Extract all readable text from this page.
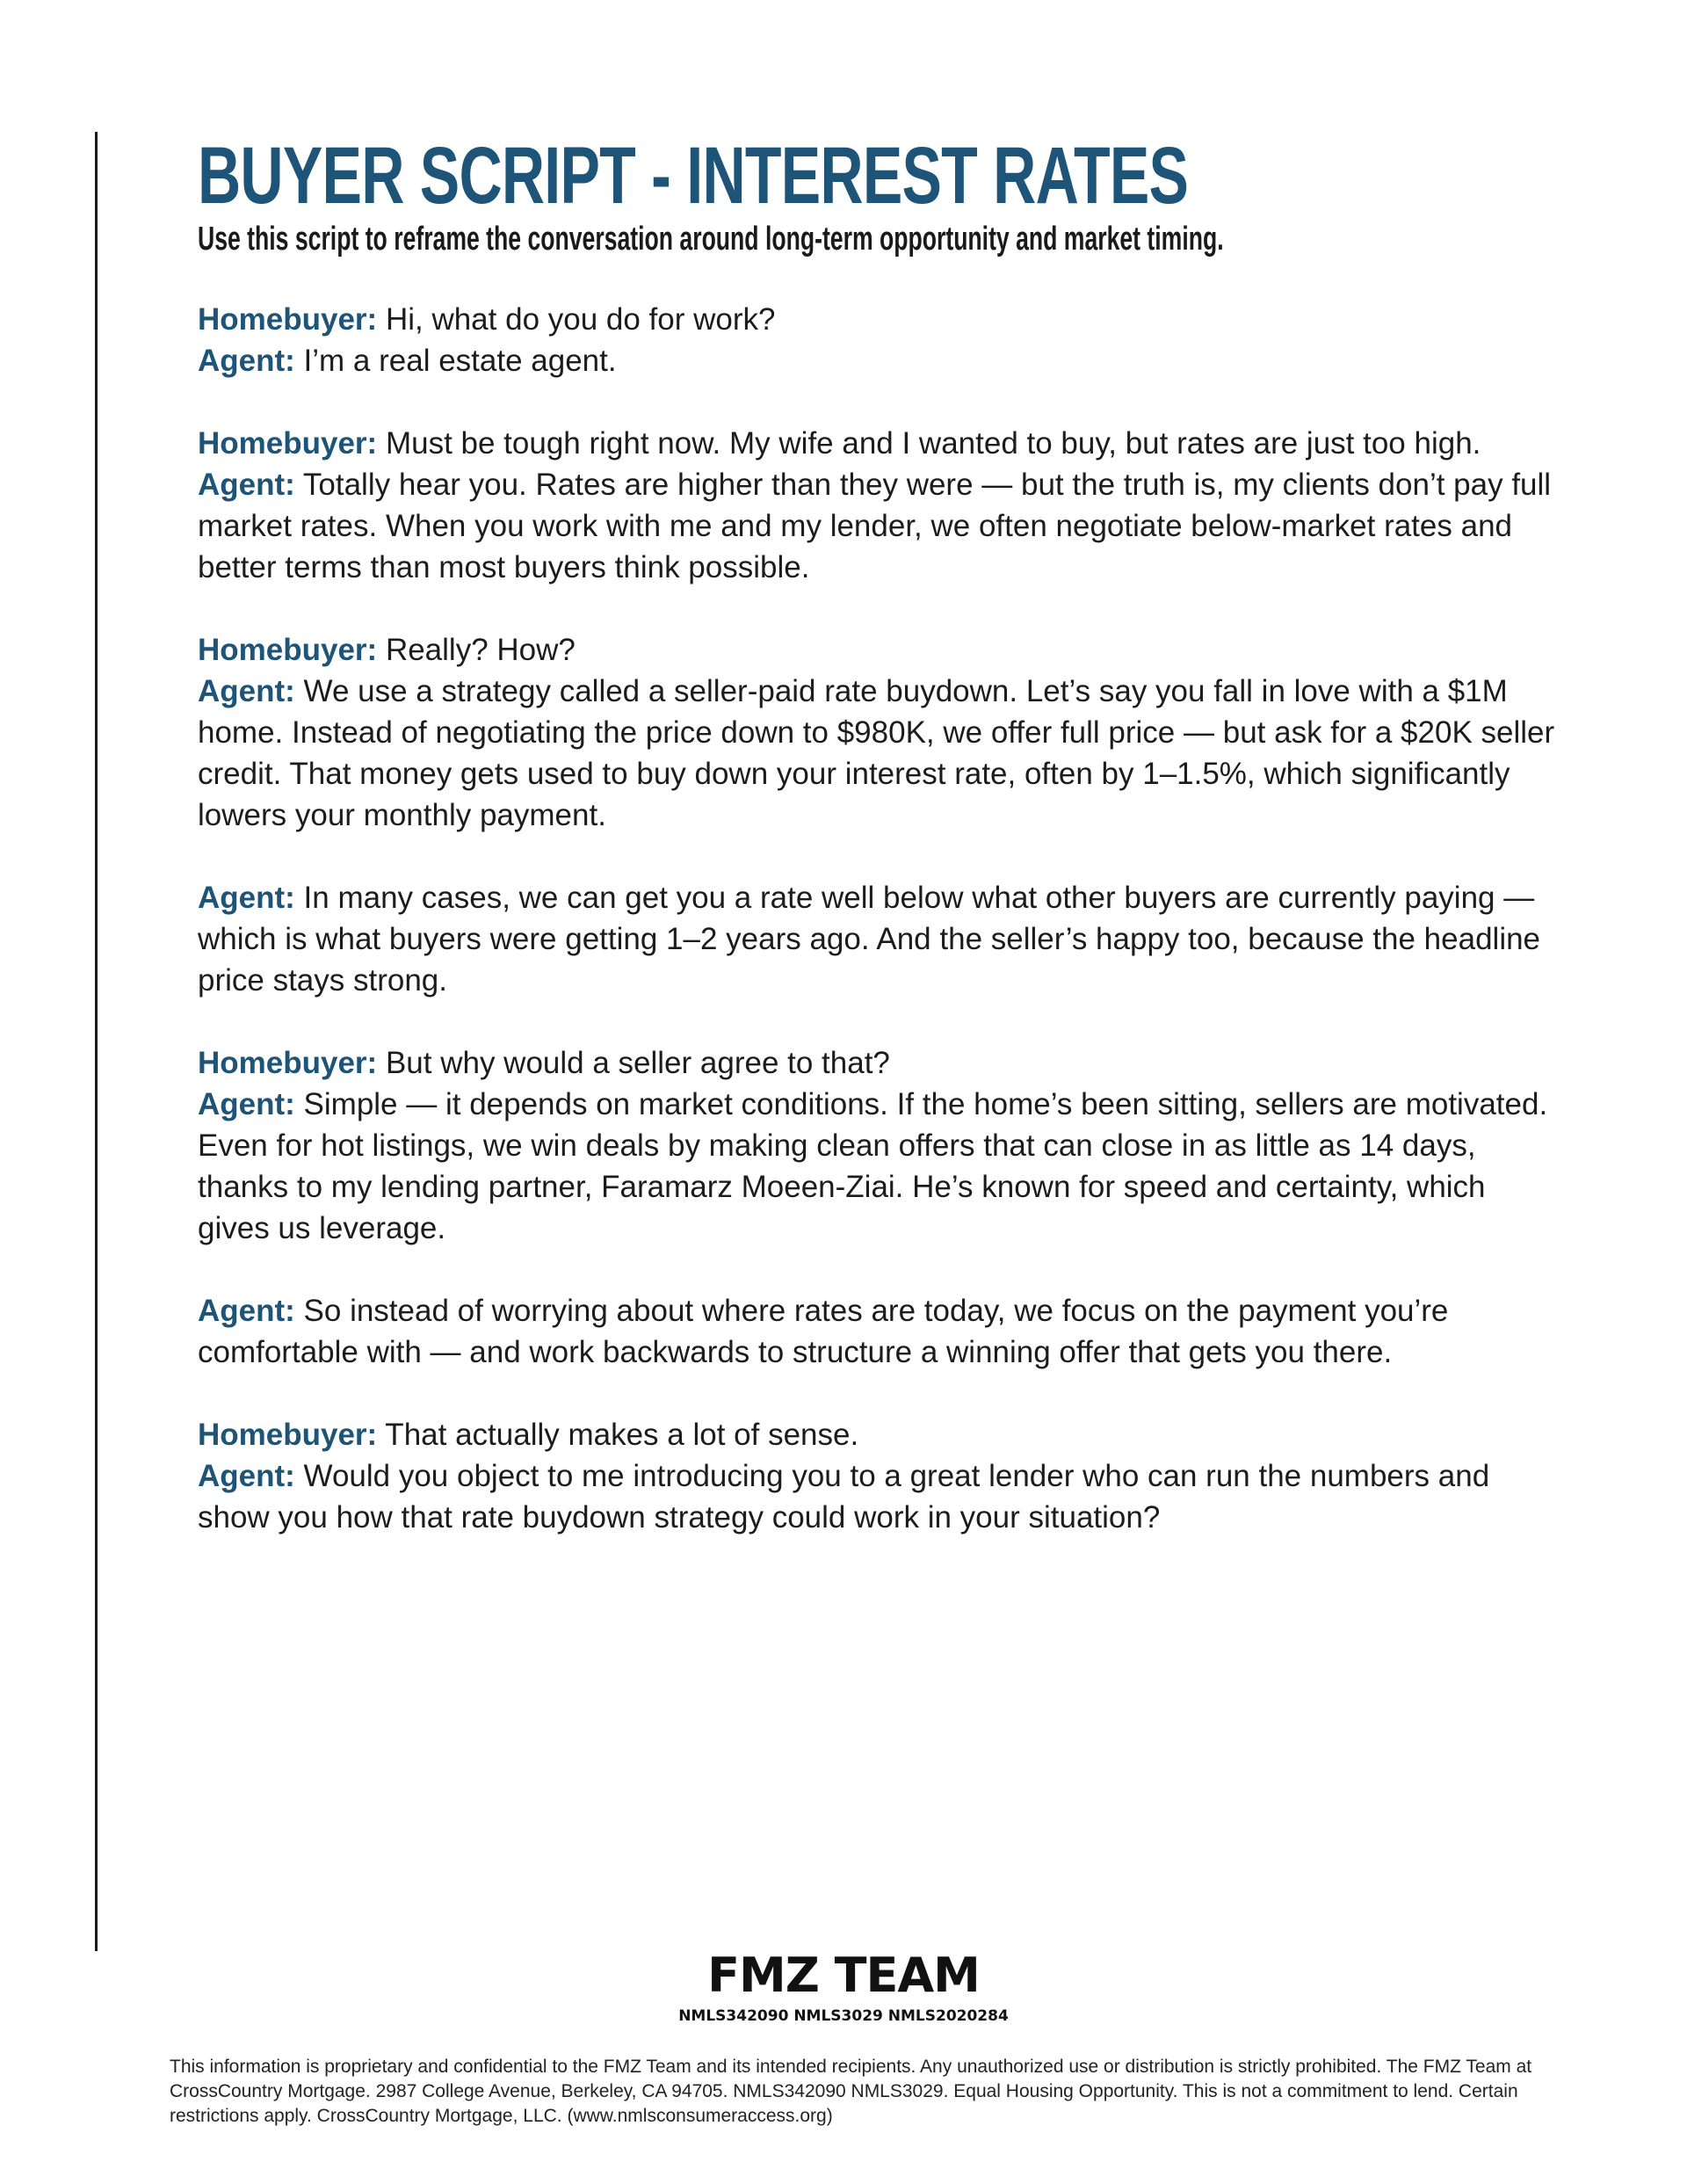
BUYER SCRIPT - INTEREST RATES

Use this script to reframe the conversation around long-term opportunity and market timing.

Homebuyer: Hi, what do you do for work?

Agent: I’m a real estate agent.

Homebuyer: Must be tough right now. My wife and I wanted to buy, but rates are just too high.

Agent: Totally hear you. Rates are higher than they were — but the truth is, my clients don’t pay full market rates. When you work with me and my lender, we often negotiate below-market rates and better terms than most buyers think possible.

Homebuyer: Really? How?

Agent: We use a strategy called a seller-paid rate buydown. Let’s say you fall in love with a $1M home. Instead of negotiating the price down to $980K, we offer full price — but ask for a $20K seller credit. That money gets used to buy down your interest rate, often by 1–1.5%, which significantly lowers your monthly payment.

Agent: In many cases, we can get you a rate well below what other buyers are currently paying — which is what buyers were getting 1–2 years ago. And the seller’s happy too, because the headline price stays strong.

Homebuyer: But why would a seller agree to that?

Agent: Simple — it depends on market conditions. If the home’s been sitting, sellers are motivated. Even for hot listings, we win deals by making clean offers that can close in as little as 14 days, thanks to my lending partner, Faramarz Moeen-Ziai. He’s known for speed and certainty, which gives us leverage.

Agent: So instead of worrying about where rates are today, we focus on the payment you’re comfortable with — and work backwards to structure a winning offer that gets you there.

Homebuyer: That actually makes a lot of sense.

Agent: Would you object to me introducing you to a great lender who can run the numbers and show you how that rate buydown strategy could work in your situation?

FMZ TEAM
NMLS342090 NMLS3029 NMLS2020284

This information is proprietary and confidential to the FMZ Team and its intended recipients. Any unauthorized use or distribution is strictly prohibited. The FMZ Team at CrossCountry Mortgage. 2987 College Avenue, Berkeley, CA 94705. NMLS342090 NMLS3029. Equal Housing Opportunity. This is not a commitment to lend. Certain restrictions apply. CrossCountry Mortgage, LLC. (www.nmlsconsumeraccess.org)
